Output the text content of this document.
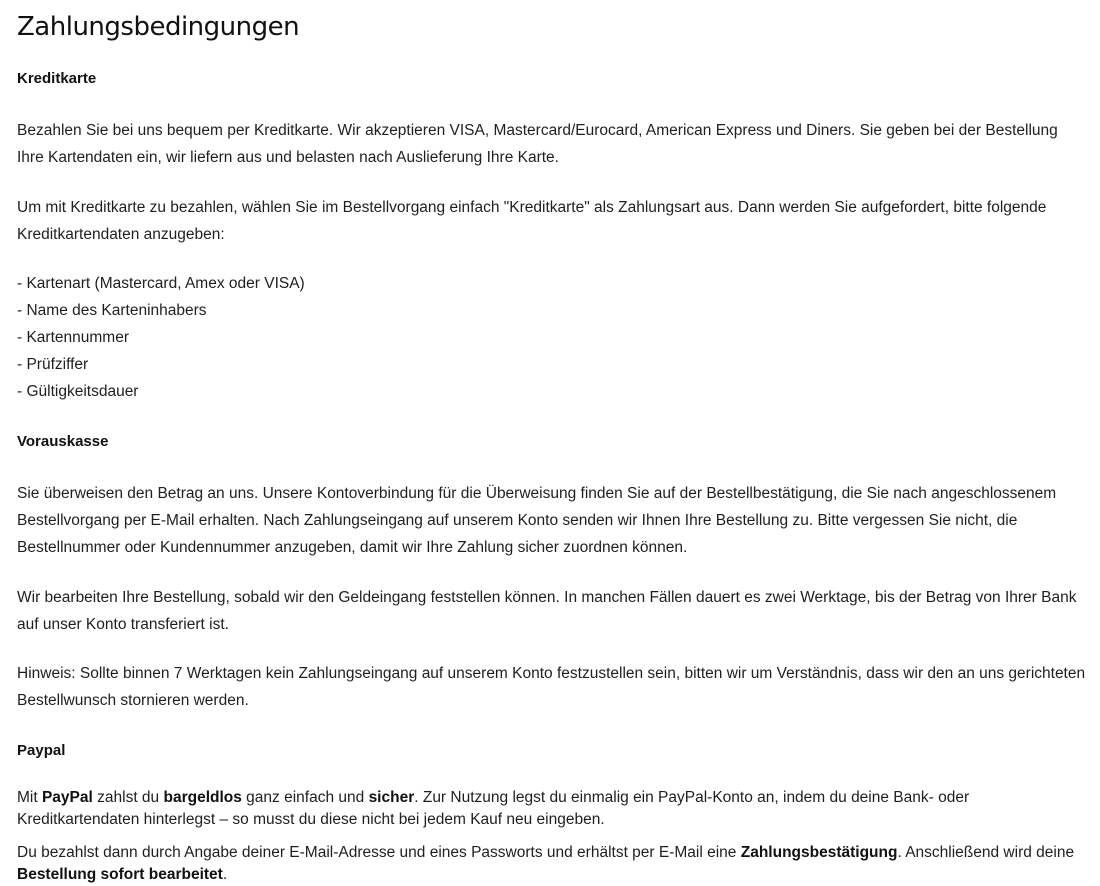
Zahlungsbedingungen
Kreditkarte

Bezahlen Sie bei uns bequem per Kreditkarte. Wir akzeptieren VISA, Mastercard/Eurocard, American Express und Diners. Sie geben bei der Bestellung Ihre Kartendaten ein, wir liefern aus und belasten nach Auslieferung Ihre Karte.

Um mit Kreditkarte zu bezahlen, wählen Sie im Bestellvorgang einfach "Kreditkarte" als Zahlungsart aus. Dann werden Sie aufgefordert, bitte folgende Kreditkartendaten anzugeben:

- Kartenart (Mastercard, Amex oder VISA)
- Name des Karteninhabers
- Kartennummer
- Prüfziffer
- Gültigkeitsdauer
Vorauskasse

Sie überweisen den Betrag an uns. Unsere Kontoverbindung für die Überweisung finden Sie auf der Bestellbestätigung, die Sie nach angeschlossenem Bestellvorgang per E-Mail erhalten. Nach Zahlungseingang auf unserem Konto senden wir Ihnen Ihre Bestellung zu. Bitte vergessen Sie nicht, die Bestellnummer oder Kundennummer anzugeben, damit wir Ihre Zahlung sicher zuordnen können.

Wir bearbeiten Ihre Bestellung, sobald wir den Geldeingang feststellen können. In manchen Fällen dauert es zwei Werktage, bis der Betrag von Ihrer Bank auf unser Konto transferiert ist.

Hinweis: Sollte binnen 7 Werktagen kein Zahlungseingang auf unserem Konto festzustellen sein, bitten wir um Verständnis, dass wir den an uns gerichteten Bestellwunsch stornieren werden.

Paypal
Mit PayPal zahlst du bargeldlos ganz einfach und sicher. Zur Nutzung legst du einmalig ein PayPal-Konto an, indem du deine Bank- oder Kreditkartendaten hinterlegst – so musst du diese nicht bei jedem Kauf neu eingeben.
Du bezahlst dann durch Angabe deiner E-Mail-Adresse und eines Passworts und erhältst per E-Mail eine Zahlungsbestätigung. Anschließend wird deine Bestellung sofort bearbeitet.
